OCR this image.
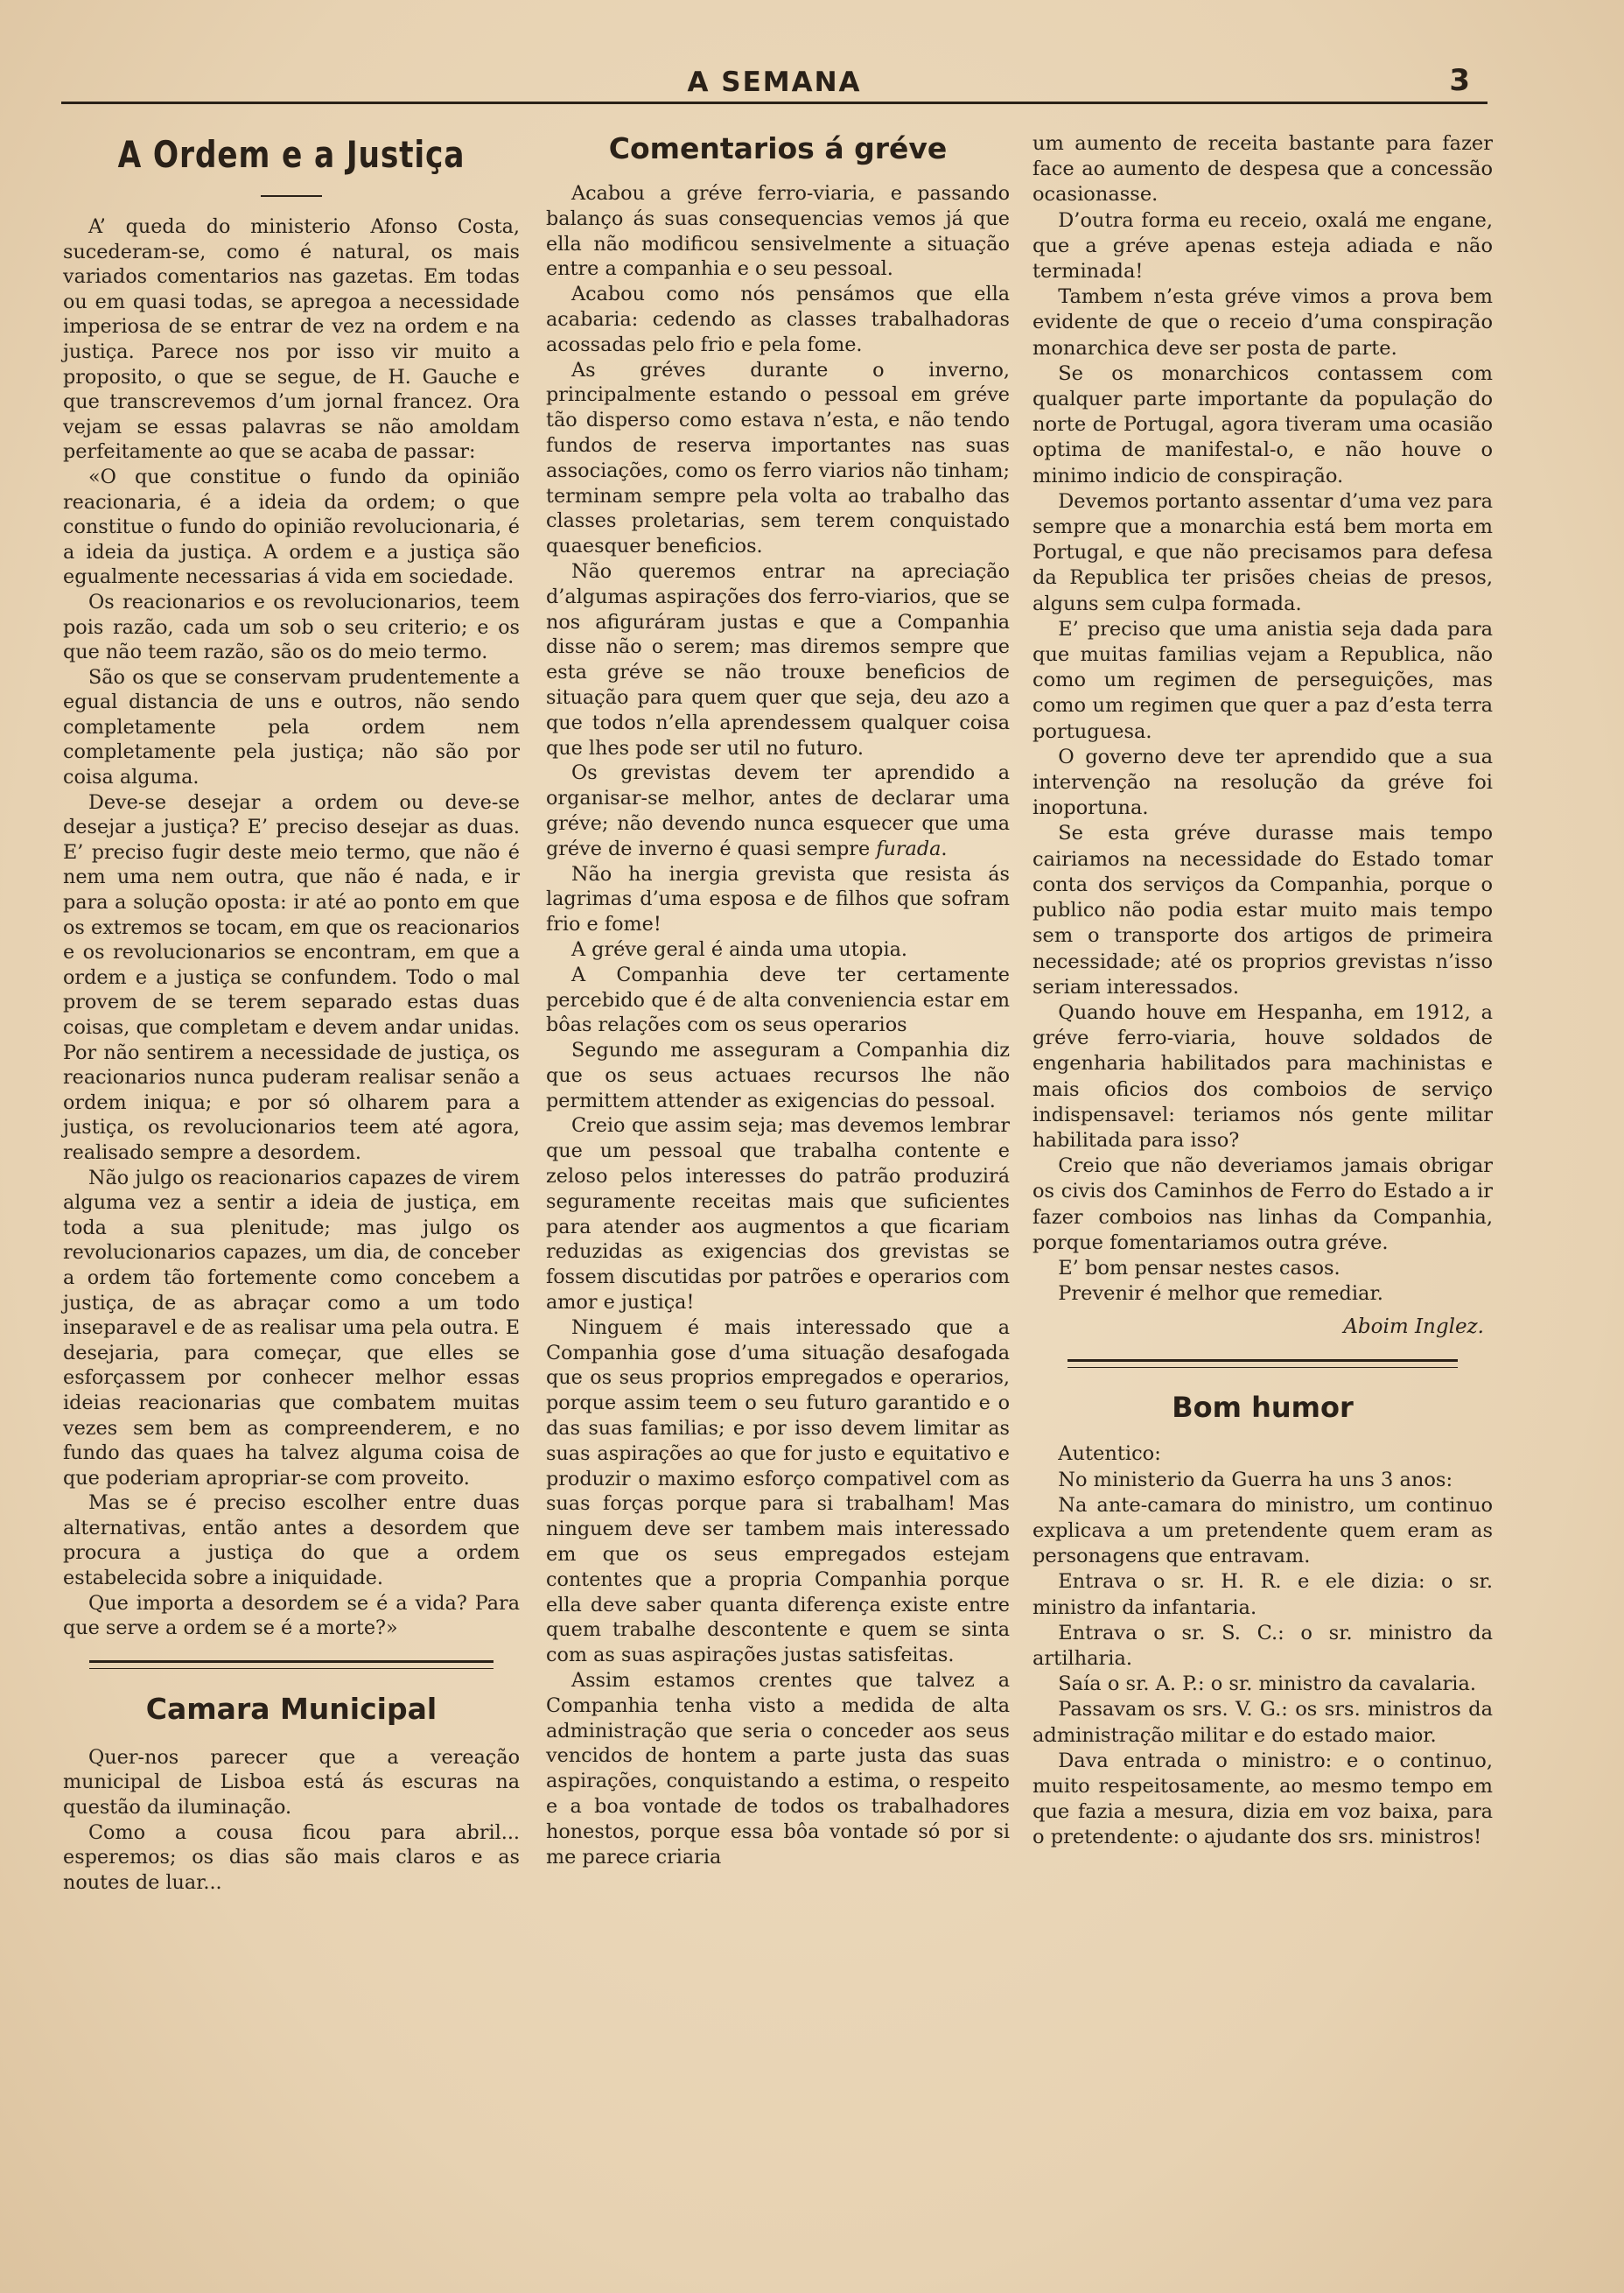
A SEMANA	3
A Ordem e a Justiça

A’ queda do ministerio Afonso Costa, sucederam-se, como é natural, os mais variados comentarios nas gazetas. Em todas ou em quasi todas, se apregoa a necessidade imperiosa de se entrar de vez na ordem e na justiça. Parece nos por isso vir muito a proposito, o que se segue, de H. Gauche e que transcrevemos d’um jornal francez. Ora vejam se essas palavras se não amoldam perfeitamente ao que se acaba de passar:

«O que constitue o fundo da opinião reacionaria, é a ideia da ordem; o que constitue o fundo do opinião revolucionaria, é a ideia da justiça. A ordem e a justiça são egualmente necessarias á vida em sociedade.

Os reacionarios e os revolucionarios, teem pois razão, cada um sob o seu criterio; e os que não teem razão, são os do meio termo.

São os que se conservam prudentemente a egual distancia de uns e outros, não sendo completamente pela ordem nem completamente pela justiça; não são por coisa alguma.

Deve-se desejar a ordem ou deve-se desejar a justiça? E’ preciso desejar as duas. E’ preciso fugir deste meio termo, que não é nem uma nem outra, que não é nada, e ir para a solução oposta: ir até ao ponto em que os extremos se tocam, em que os reacionarios e os revolucionarios se encontram, em que a ordem e a justiça se confundem. Todo o mal provem de se terem separado estas duas coisas, que completam e devem andar unidas. Por não sentirem a necessidade de justiça, os reacionarios nunca puderam realisar senão a ordem iniqua; e por só olharem para a justiça, os revolucionarios teem até agora, realisado sempre a desordem.

Não julgo os reacionarios capazes de virem alguma vez a sentir a ideia de justiça, em toda a sua plenitude; mas julgo os revolucionarios capazes, um dia, de conceber a ordem tão fortemente como concebem a justiça, de as abraçar como a um todo inseparavel e de as realisar uma pela outra. E desejaria, para começar, que elles se esforçassem por conhecer melhor essas ideias reacionarias que combatem muitas vezes sem bem as compreenderem, e no fundo das quaes ha talvez alguma coisa de que poderiam apropriar-se com proveito.

Mas se é preciso escolher entre duas alternativas, então antes a desordem que procura a justiça do que a ordem estabelecida sobre a iniquidade.

Que importa a desordem se é a vida? Para que serve a ordem se é a morte?»

Camara Municipal

Quer-nos parecer que a vereação municipal de Lisboa está ás escuras na questão da iluminação.

Como a cousa ficou para abril... esperemos; os dias são mais claros e as noutes de luar...

Comentarios á gréve

Acabou a gréve ferro-viaria, e passando balanço ás suas consequencias vemos já que ella não modificou sensivelmente a situação entre a companhia e o seu pessoal.

Acabou como nós pensámos que ella acabaria: cedendo as classes trabalhadoras acossadas pelo frio e pela fome.

As gréves durante o inverno, principalmente estando o pessoal em gréve tão disperso como estava n’esta, e não tendo fundos de reserva importantes nas suas associações, como os ferro viarios não tinham; terminam sempre pela volta ao trabalho das classes proletarias, sem terem conquistado quaesquer beneficios.

Não queremos entrar na apreciação d’algumas aspirações dos ferro-viarios, que se nos afiguráram justas e que a Companhia disse não o serem; mas diremos sempre que esta gréve se não trouxe beneficios de situação para quem quer que seja, deu azo a que todos n’ella aprendessem qualquer coisa que lhes pode ser util no futuro.

Os grevistas devem ter aprendido a organisar-se melhor, antes de declarar uma gréve; não devendo nunca esquecer que uma gréve de inverno é quasi sempre furada.

Não ha inergia grevista que resista ás lagrimas d’uma esposa e de filhos que sofram frio e fome!

A gréve geral é ainda uma utopia.

A Companhia deve ter certamente percebido que é de alta conveniencia estar em bôas relações com os seus operarios

Segundo me asseguram a Companhia diz que os seus actuaes recursos lhe não permittem attender as exigencias do pessoal.

Creio que assim seja; mas devemos lembrar que um pessoal que trabalha contente e zeloso pelos interesses do patrão produzirá seguramente receitas mais que suficientes para atender aos augmentos a que ficariam reduzidas as exigencias dos grevistas se fossem discutidas por patrões e operarios com amor e justiça!

Ninguem é mais interessado que a Companhia gose d’uma situação desafogada que os seus proprios empregados e operarios, porque assim teem o seu futuro garantido e o das suas familias; e por isso devem limitar as suas aspirações ao que for justo e equitativo e produzir o maximo esforço compativel com as suas forças porque para si trabalham! Mas ninguem deve ser tambem mais interessado em que os seus empregados estejam contentes que a propria Companhia porque ella deve saber quanta diferença existe entre quem trabalhe descontente e quem se sinta com as suas aspirações justas satisfeitas.

Assim estamos crentes que talvez a Companhia tenha visto a medida de alta administração que seria o conceder aos seus vencidos de hontem a parte justa das suas aspirações, conquistando a estima, o respeito e a boa vontade de todos os trabalhadores honestos, porque essa bôa vontade só por si me parece criaria

um aumento de receita bastante para fazer face ao aumento de despesa que a concessão ocasionasse.

D’outra forma eu receio, oxalá me engane, que a gréve apenas esteja adiada e não terminada!

Tambem n’esta gréve vimos a prova bem evidente de que o receio d’uma conspiração monarchica deve ser posta de parte.

Se os monarchicos contassem com qualquer parte importante da população do norte de Portugal, agora tiveram uma ocasião optima de manifestal-o, e não houve o minimo indicio de conspiração.

Devemos portanto assentar d’uma vez para sempre que a monarchia está bem morta em Portugal, e que não precisamos para defesa da Republica ter prisões cheias de presos, alguns sem culpa formada.

E’ preciso que uma anistia seja dada para que muitas familias vejam a Republica, não como um regimen de perseguições, mas como um regimen que quer a paz d’esta terra portuguesa.

O governo deve ter aprendido que a sua intervenção na resolução da gréve foi inoportuna.

Se esta gréve durasse mais tempo cairiamos na necessidade do Estado tomar conta dos serviços da Companhia, porque o publico não podia estar muito mais tempo sem o transporte dos artigos de primeira necessidade; até os proprios grevistas n’isso seriam interessados.

Quando houve em Hespanha, em 1912, a gréve ferro-viaria, houve soldados de engenharia habilitados para machinistas e mais oficios dos comboios de serviço indispensavel: teriamos nós gente militar habilitada para isso?

Creio que não deveriamos jamais obrigar os civis dos Caminhos de Ferro do Estado a ir fazer comboios nas linhas da Companhia, porque fomentariamos outra gréve.

E’ bom pensar nestes casos.

Prevenir é melhor que remediar.

Aboim Inglez.
Bom humor

Autentico:

No ministerio da Guerra ha uns 3 anos:

Na ante-camara do ministro, um continuo explicava a um pretendente quem eram as personagens que entravam.

Entrava o sr. H. R. e ele dizia: o sr. ministro da infantaria.

Entrava o sr. S. C.: o sr. ministro da artilharia.

Saía o sr. A. P.: o sr. ministro da cavalaria.

Passavam os srs. V. G.: os srs. ministros da administração militar e do estado maior.

Dava entrada o ministro: e o continuo, muito respeitosamente, ao mesmo tempo em que fazia a mesura, dizia em voz baixa, para o pretendente: o ajudante dos srs. ministros!
